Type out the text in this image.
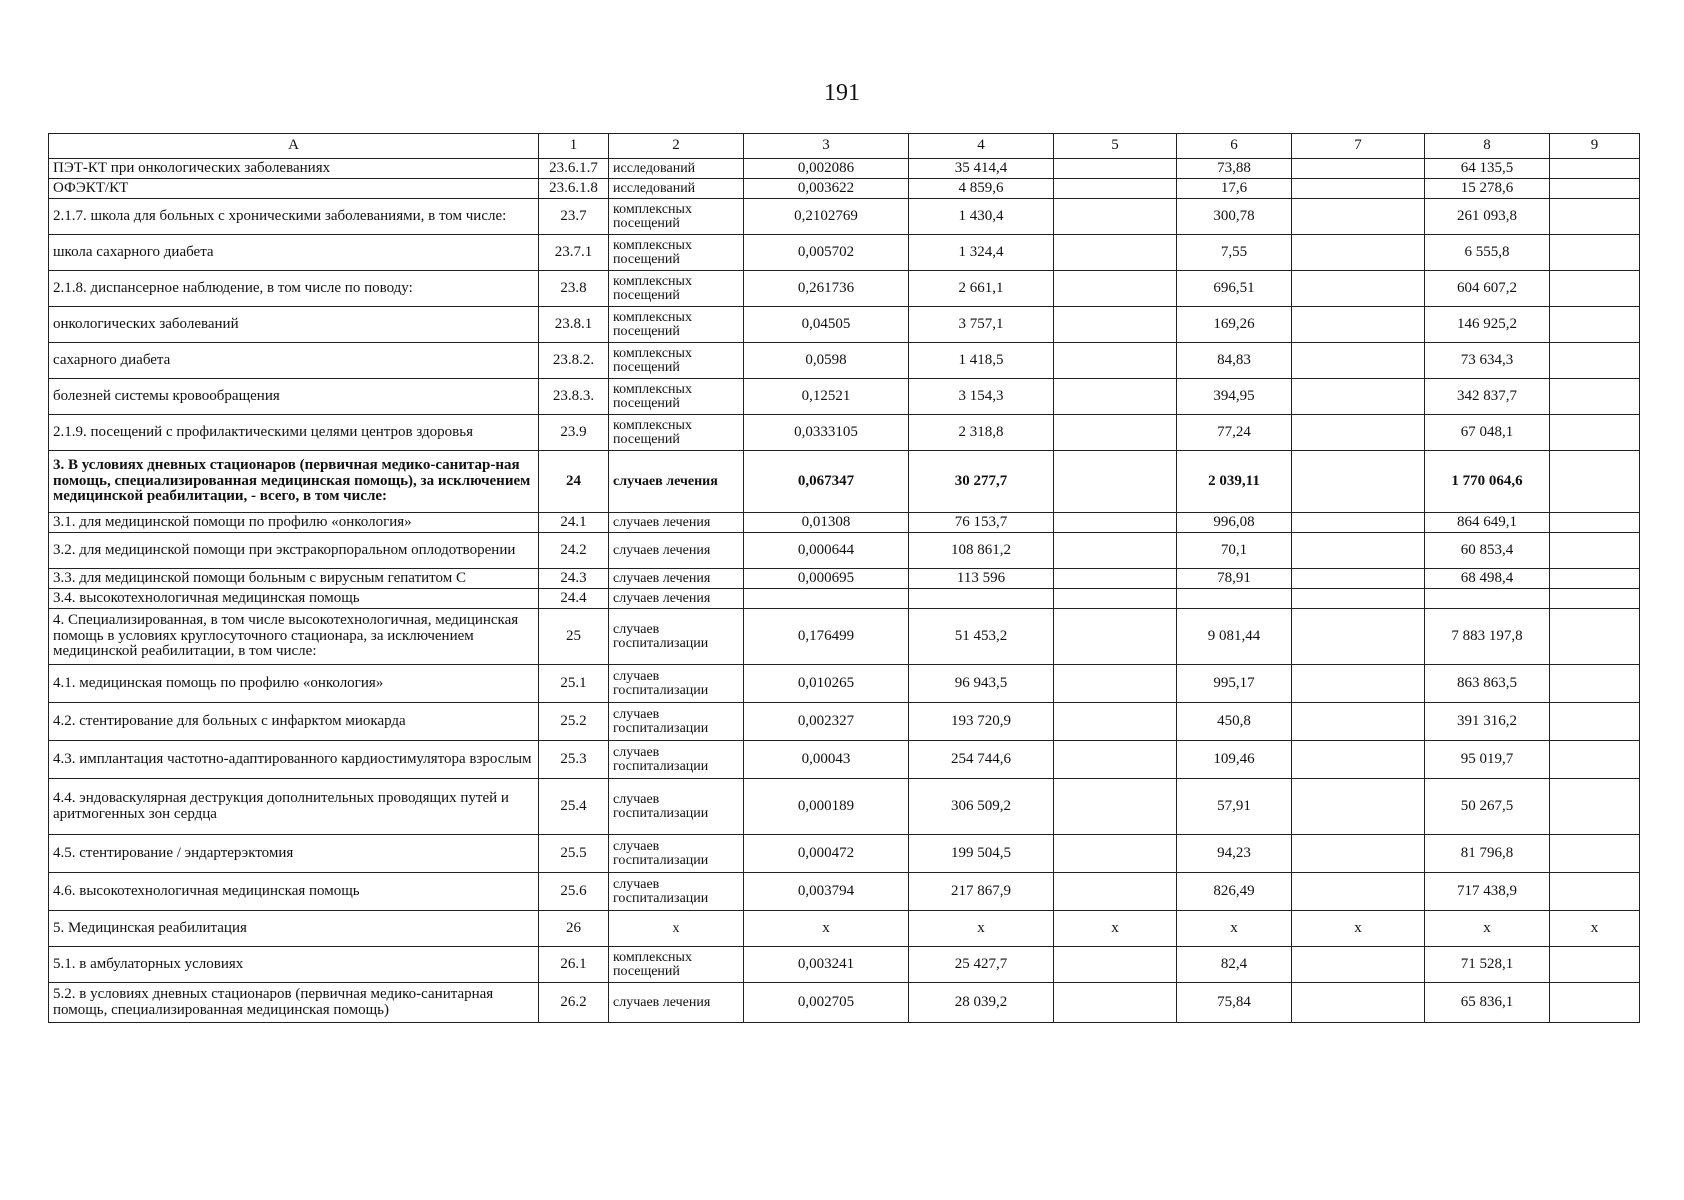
191
А	1	2	3	4	5	6	7	8	9
ПЭТ-КТ при онкологических заболеваниях	23.6.1.7	исследований	0,002086	35 414,4		73,88		64 135,5	
ОФЭКТ/КТ	23.6.1.8	исследований	0,003622	4 859,6		17,6		15 278,6	
2.1.7. школа для больных с хроническими заболеваниями, в том числе:	23.7	комплексных посещений	0,2102769	1 430,4		300,78		261 093,8	
школа сахарного диабета	23.7.1	комплексных посещений	0,005702	1 324,4		7,55		6 555,8	
2.1.8. диспансерное наблюдение, в том числе по поводу:	23.8	комплексных посещений	0,261736	2 661,1		696,51		604 607,2	
онкологических заболеваний	23.8.1	комплексных посещений	0,04505	3 757,1		169,26		146 925,2	
сахарного диабета	23.8.2.	комплексных посещений	0,0598	1 418,5		84,83		73 634,3	
болезней системы кровообращения	23.8.3.	комплексных посещений	0,12521	3 154,3		394,95		342 837,7	
2.1.9. посещений с профилактическими целями центров здоровья	23.9	комплексных посещений	0,0333105	2 318,8		77,24		67 048,1	
3. В условиях дневных стационаров (первичная медико-санитар-ная помощь, специализированная медицинская помощь), за исключением медицинской реабилитации, - всего, в том числе:	24	случаев лечения	0,067347	30 277,7		2 039,11		1 770 064,6	
3.1. для медицинской помощи по профилю «онкология»	24.1	случаев лечения	0,01308	76 153,7		996,08		864 649,1	
3.2. для медицинской помощи при экстракорпоральном оплодотворении	24.2	случаев лечения	0,000644	108 861,2		70,1		60 853,4	
3.3. для медицинской помощи больным с вирусным гепатитом С	24.3	случаев лечения	0,000695	113 596		78,91		68 498,4	
3.4. высокотехнологичная медицинская помощь	24.4	случаев лечения							
4. Специализированная, в том числе высокотехнологичная, медицинская помощь в условиях круглосуточного стационара, за исключением медицинской реабилитации, в том числе:	25	случаев госпитализации	0,176499	51 453,2		9 081,44		7 883 197,8	
4.1. медицинская помощь по профилю «онкология»	25.1	случаев госпитализации	0,010265	96 943,5		995,17		863 863,5	
4.2. стентирование для больных с инфарктом миокарда	25.2	случаев госпитализации	0,002327	193 720,9		450,8		391 316,2	
4.3. имплантация частотно-адаптированного кардиостимулятора взрослым	25.3	случаев госпитализации	0,00043	254 744,6		109,46		95 019,7	
4.4. эндоваскулярная деструкция дополнительных проводящих путей и аритмогенных зон сердца	25.4	случаев госпитализации	0,000189	306 509,2		57,91		50 267,5	
4.5. стентирование / эндартерэктомия	25.5	случаев госпитализации	0,000472	199 504,5		94,23		81 796,8	
4.6. высокотехнологичная медицинская помощь	25.6	случаев госпитализации	0,003794	217 867,9		826,49		717 438,9	
5. Медицинская реабилитация	26	х	х	х	х	х	х	х	х
5.1. в амбулаторных условиях	26.1	комплексных посещений	0,003241	25 427,7		82,4		71 528,1	
5.2. в условиях дневных стационаров (первичная медико-санитарная помощь, специализированная медицинская помощь)	26.2	случаев лечения	0,002705	28 039,2		75,84		65 836,1	
